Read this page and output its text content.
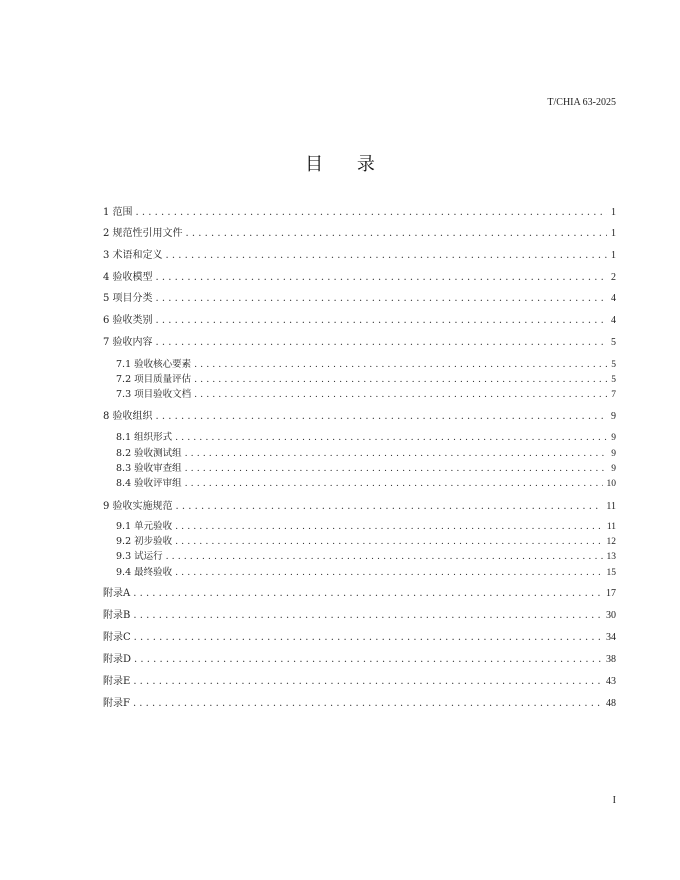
T/CHIA 63-2025
目 录
1 范围 . . .	1
2 规范性引用文件 . . .	1
3 术语和定义 . . .	1
4 验收模型 . . .	2
5 项目分类 . . .	4
6 验收类别 . . .	4
7 验收内容 . . .	5
7.1 验收核心要素 . . .	5
7.2 项目质量评估 . . .	5
7.3 项目验收文档 . . .	7
8 验收组织 . . .	9
8.1 组织形式 . . .	9
8.2 验收测试组 . . .	9
8.3 验收审查组 . . .	9
8.4 验收评审组 . . .	10
9 验收实施规范 . . .	11
9.1 单元验收 . . .	11
9.2 初步验收 . . .	12
9.3 试运行 . . .	13
9.4 最终验收 . . .	15
附录A . . .	17
附录B . . .	30
附录C . . .	34
附录D . . .	38
附录E . . .	43
附录F . . .	48
I
